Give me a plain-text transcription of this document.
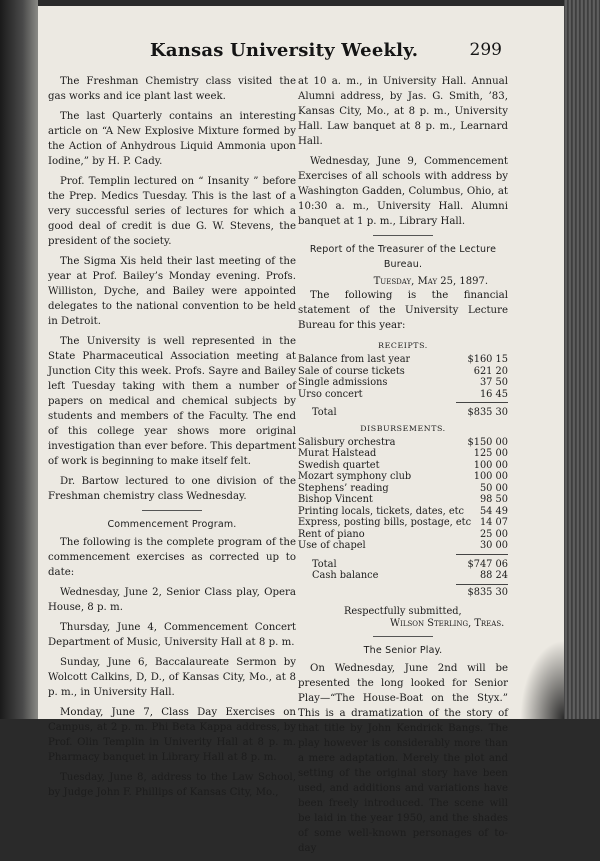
Kansas University Weekly.	299

The Freshman Chemistry class visited the gas works and ice plant last week.

The last Quarterly contains an interesting article on “A New Explosive Mixture formed by the Action of Anhydrous Liquid Ammonia upon Iodine,” by H. P. Cady.

Prof. Templin lectured on “ Insanity ” before the Prep. Medics Tuesday. This is the last of a very successful series of lectures for which a good deal of credit is due G. W. Stevens, the president of the society.

The Sigma Xis held their last meeting of the year at Prof. Bailey’s Monday evening. Profs. Williston, Dyche, and Bailey were appointed delegates to the national convention to be held in Detroit.

The University is well represented in the State Pharmaceutical Association meeting at Junction City this week. Profs. Sayre and Bailey left Tuesday taking with them a number of papers on medical and chemical subjects by students and members of the Faculty. The end of this college year shows more original investigation than ever before. This department of work is beginning to make itself felt.

Dr. Bartow lectured to one division of the Freshman chemistry class Wednesday.

Commencement Program.

The following is the complete program of the commencement exercises as corrected up to date:

Wednesday, June 2, Senior Class play, Opera House, 8 p. m.

Thursday, June 4, Commencement Concert Department of Music, University Hall at 8 p. m.

Sunday, June 6, Baccalaureate Sermon by Wolcott Calkins, D, D., of Kansas City, Mo., at 8 p. m., in University Hall.

Monday, June 7, Class Day Exercises on Campus, at 2 p. m. Phi Beta Kappa address, by Prof. Olin Templin in Univerity Hall at 8 p. m. Pharmacy banquet in Library Hall at 8 p. m.

Tuesday, June 8, address to the Law School, by Judge John F. Phillips of Kansas City, Mo.,

at 10 a. m., in University Hall. Annual Alumni address, by Jas. G. Smith, ’83, Kansas City, Mo., at 8 p. m., University Hall. Law banquet at 8 p. m., Learnard Hall.

Wednesday, June 9, Commencement Exercises of all schools with address by Washington Gadden, Columbus, Ohio, at 10:30 a. m., University Hall. Alumni banquet at 1 p. m., Library Hall.

Report of the Treasurer of the Lecture Bureau.
Tuesday, May 25, 1897.

The following is the financial statement of the University Lecture Bureau for this year:

RECEIPTS.
Balance from last year	$160 15
Sale of course tickets	621 20
Single admissions	37 50
Urso concert	16 45
Total	$835 30
DISBURSEMENTS.
Salisbury orchestra	$150 00
Murat Halstead	125 00
Swedish quartet	100 00
Mozart symphony club	100 00
Stephens’ reading	50 00
Bishop Vincent	98 50
Printing locals, tickets, dates, etc	54 49
Express, posting bills, postage, etc 14 07
Rent of piano	25 00
Use of chapel	30 00
Total	$747 06
Cash balance	88 24
$835 30
Respectfully submitted,
Wilson Sterling, Treas.
The Senior Play.

On Wednesday, June 2nd will be presented the long looked for Senior Play—“The House-Boat on the Styx.” This is a dramatization of the story of that title by John Kendrick Bangs. The play however is considerably more than a mere adaptation. Merely the plot and setting of the original story have been used, and additions and variations have been freely introduced. The scene will be laid in the year 1950, and the shades of some well-known personages of to-day
